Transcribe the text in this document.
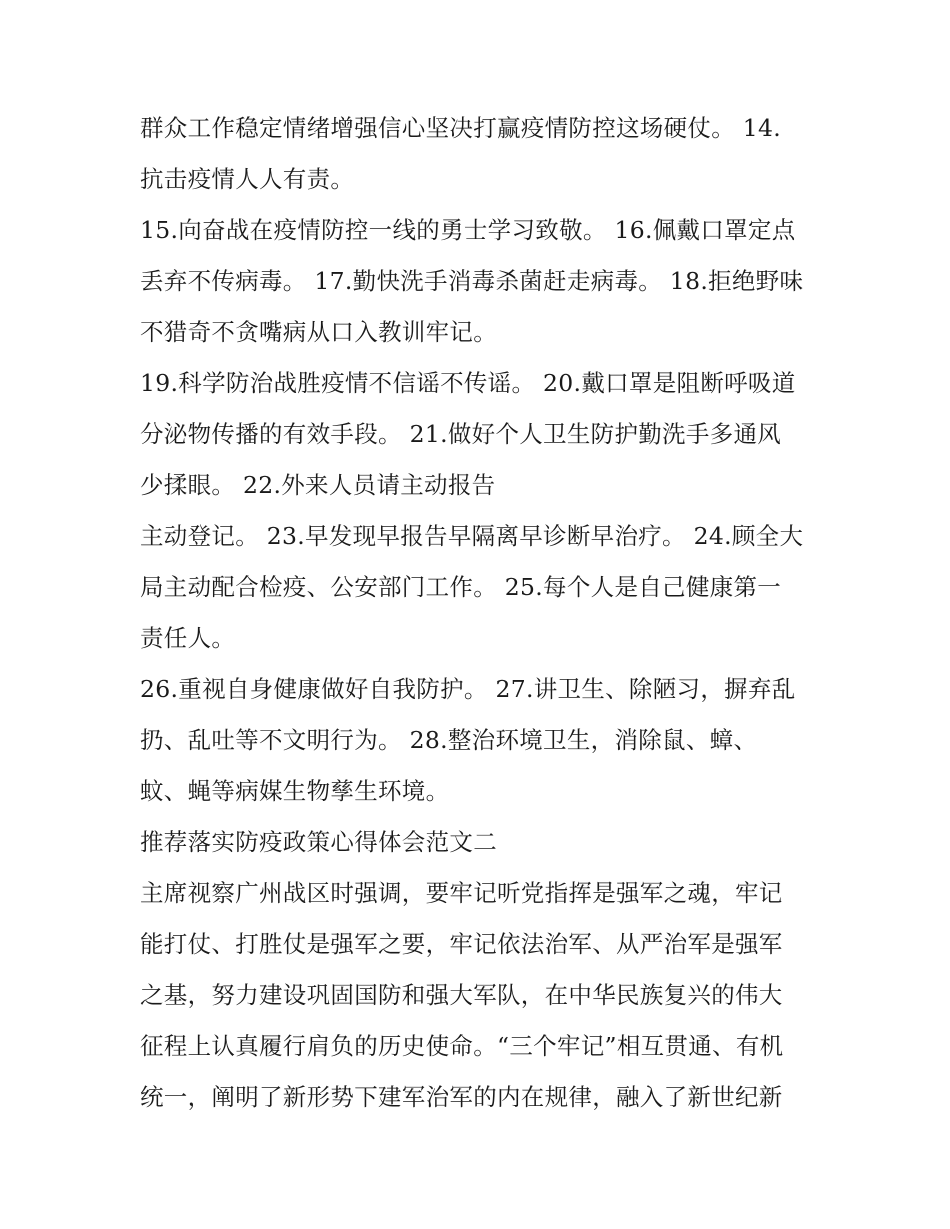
群众工作稳定情绪增强信心坚决打赢疫情防控这场硬仗。 14.
抗击疫情人人有责。
15.向奋战在疫情防控一线的勇士学习致敬。 16.佩戴口罩定点
丢弃不传病毒。 17.勤快洗手消毒杀菌赶走病毒。 18.拒绝野味
不猎奇不贪嘴病从口入教训牢记。
19.科学防治战胜疫情不信谣不传谣。 20.戴口罩是阻断呼吸道
分泌物传播的有效手段。 21.做好个人卫生防护勤洗手多通风
少揉眼。 22.外来人员请主动报告
主动登记。 23.早发现早报告早隔离早诊断早治疗。 24.顾全大
局主动配合检疫、公安部门工作。 25.每个人是自己健康第一
责任人。
26.重视自身健康做好自我防护。 27.讲卫生、除陋习，摒弃乱
扔、乱吐等不文明行为。 28.整治环境卫生，消除鼠、蟑、
蚊、蝇等病媒生物孳生环境。
推荐落实防疫政策心得体会范文二
主席视察广州战区时强调，要牢记听党指挥是强军之魂，牢记
能打仗、打胜仗是强军之要，牢记依法治军、从严治军是强军
之基，努力建设巩固国防和强大军队，在中华民族复兴的伟大
征程上认真履行肩负的历史使命。“三个牢记”相互贯通、有机
统一，阐明了新形势下建军治军的内在规律，融入了新世纪新
